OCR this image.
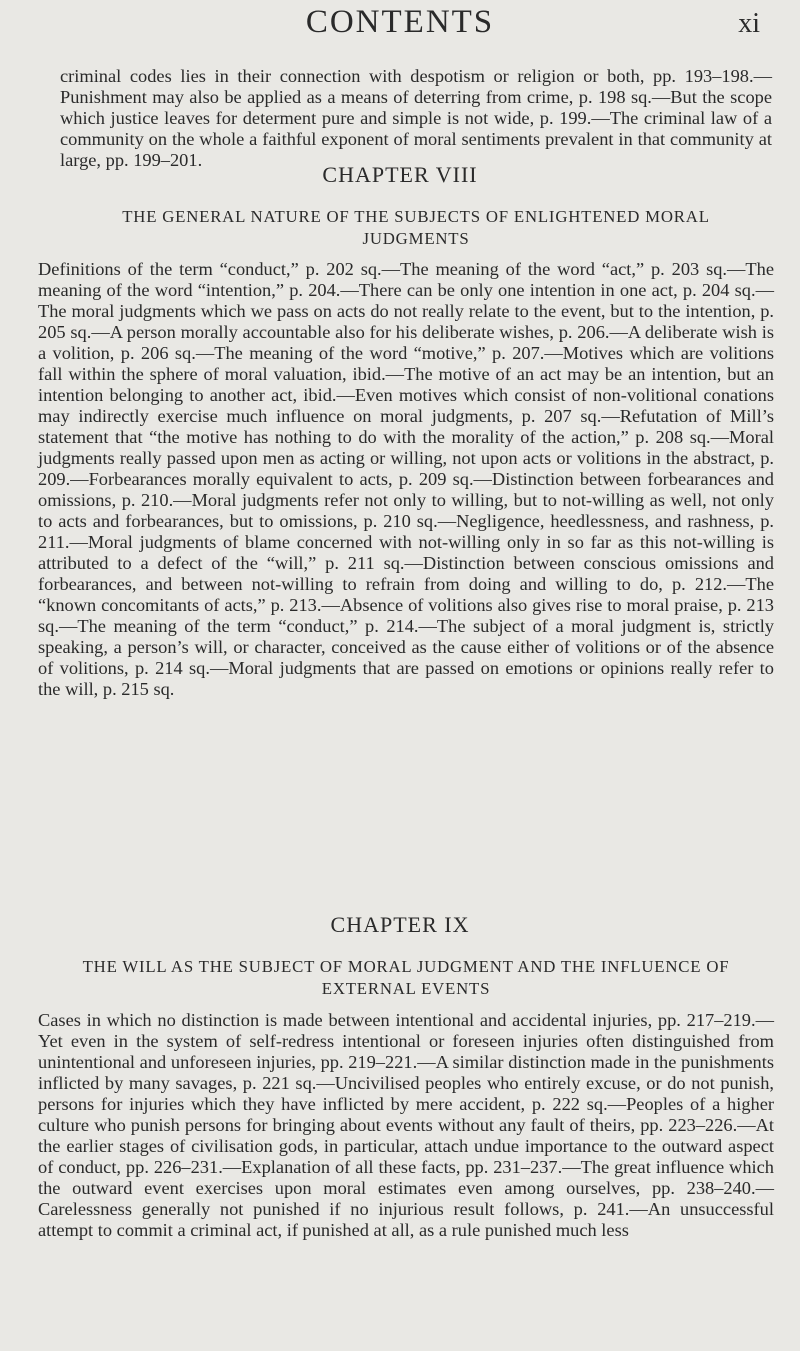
CONTENTS	xi

criminal codes lies in their connection with despotism or religion or both, pp. 193–198.—Punishment may also be applied as a means of deterring from crime, p. 198 sq.—But the scope which justice leaves for determent pure and simple is not wide, p. 199.—The criminal law of a community on the whole a faithful exponent of moral sentiments prevalent in that community at large, pp. 199–201.

CHAPTER VIII

THE GENERAL NATURE OF THE SUBJECTS OF ENLIGHTENED MORAL JUDGMENTS

Definitions of the term “conduct,” p. 202 sq.—The meaning of the word “act,” p. 203 sq.—The meaning of the word “intention,” p. 204.—There can be only one intention in one act, p. 204 sq.—The moral judgments which we pass on acts do not really relate to the event, but to the intention, p. 205 sq.—A person morally accountable also for his deliberate wishes, p. 206.—A deliberate wish is a volition, p. 206 sq.—The meaning of the word “motive,” p. 207.—Motives which are volitions fall within the sphere of moral valuation, ibid.—The motive of an act may be an intention, but an intention belonging to another act, ibid.—Even motives which consist of non-volitional conations may indirectly exercise much influence on moral judgments, p. 207 sq.—Refutation of Mill’s statement that “the motive has nothing to do with the morality of the action,” p. 208 sq.—Moral judgments really passed upon men as acting or willing, not upon acts or volitions in the abstract, p. 209.—Forbearances morally equivalent to acts, p. 209 sq.—Distinction between forbearances and omissions, p. 210.—Moral judgments refer not only to willing, but to not-willing as well, not only to acts and forbearances, but to omissions, p. 210 sq.—Negligence, heedlessness, and rashness, p. 211.—Moral judgments of blame concerned with not-willing only in so far as this not-willing is attributed to a defect of the “will,” p. 211 sq.—Distinction between conscious omissions and forbearances, and between not-willing to refrain from doing and willing to do, p. 212.—The “known concomitants of acts,” p. 213.—Absence of volitions also gives rise to moral praise, p. 213 sq.—The meaning of the term “conduct,” p. 214.—The subject of a moral judgment is, strictly speaking, a person’s will, or character, conceived as the cause either of volitions or of the absence of volitions, p. 214 sq.—Moral judgments that are passed on emotions or opinions really refer to the will, p. 215 sq.

CHAPTER IX

THE WILL AS THE SUBJECT OF MORAL JUDGMENT AND THE INFLUENCE OF EXTERNAL EVENTS

Cases in which no distinction is made between intentional and accidental injuries, pp. 217–219.—Yet even in the system of self-redress intentional or foreseen injuries often distinguished from unintentional and unforeseen injuries, pp. 219–221.—A similar distinction made in the punishments inflicted by many savages, p. 221 sq.—Uncivilised peoples who entirely excuse, or do not punish, persons for injuries which they have inflicted by mere accident, p. 222 sq.—Peoples of a higher culture who punish persons for bringing about events without any fault of theirs, pp. 223–226.—At the earlier stages of civilisation gods, in particular, attach undue importance to the outward aspect of conduct, pp. 226–231.—Explanation of all these facts, pp. 231–237.—The great influence which the outward event exercises upon moral estimates even among ourselves, pp. 238–240.—Carelessness generally not punished if no injurious result follows, p. 241.—An unsuccessful attempt to commit a criminal act, if punished at all, as a rule punished much less
